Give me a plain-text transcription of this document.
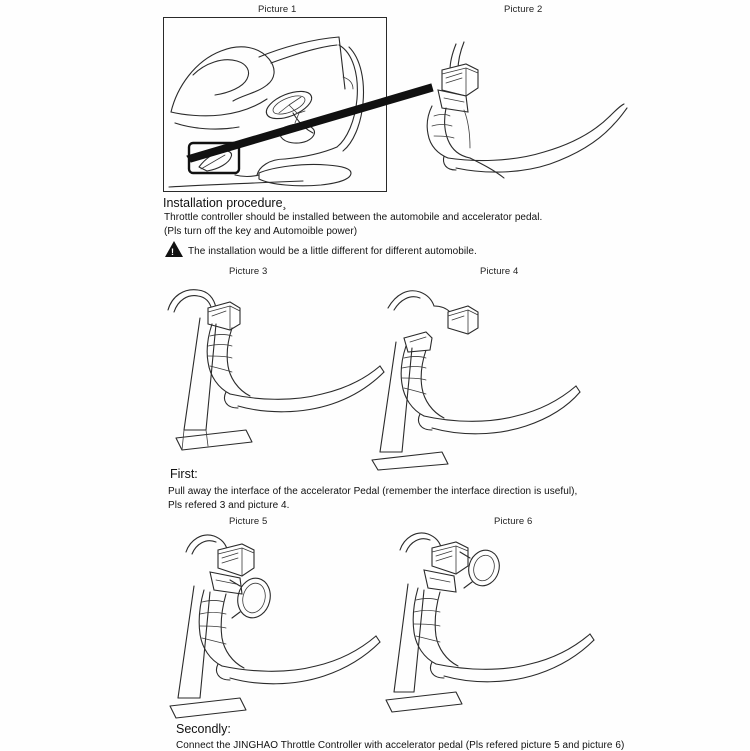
Picture 1	Picture 2
Installation procedure¸
Throttle controller should be installed between the automobile and accelerator pedal.
(Pls turn off the key and Automoible power)
! The installation would be a little different for different automobile.
Picture 3	Picture 4
First:
Pull away the interface of the accelerator Pedal (remember the interface direction is useful),
Pls refered 3 and picture 4.
Picture 5	Picture 6
Secondly:
Connect the JINGHAO Throttle Controller with accelerator pedal (Pls refered picture 5 and picture 6)
